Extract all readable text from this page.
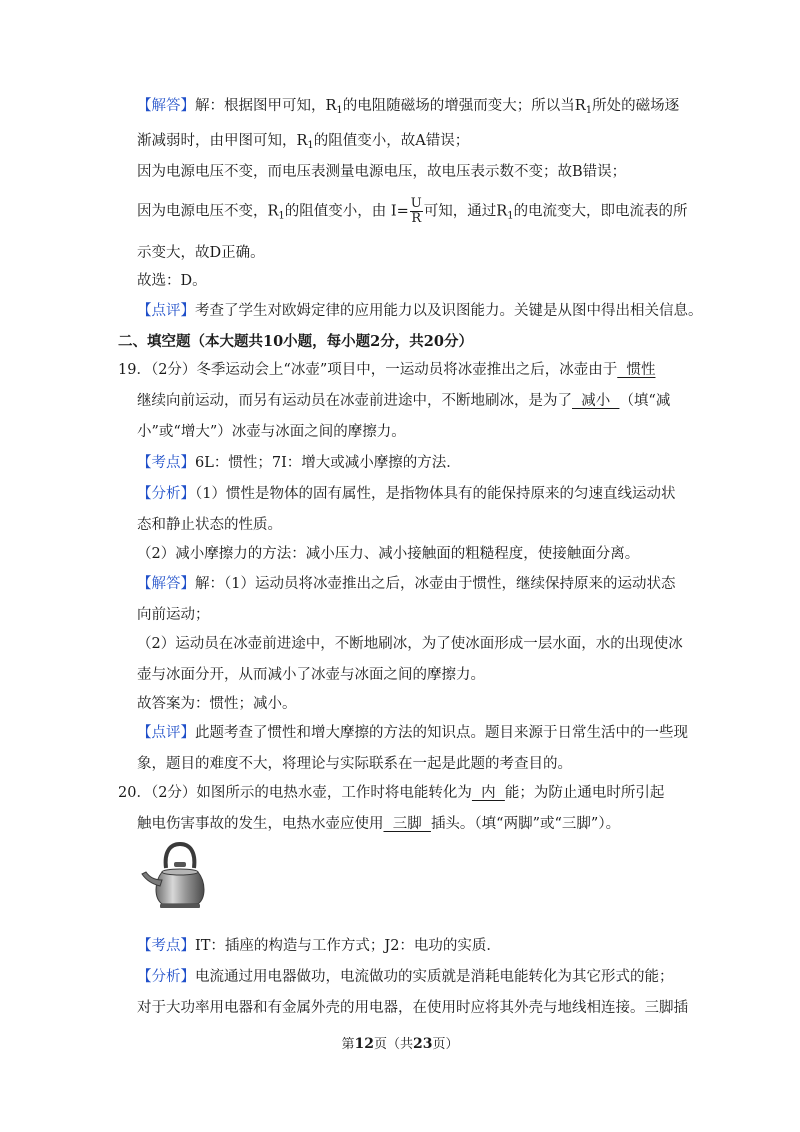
【解答】解：根据图甲可知，$R_1$的电阻随磁场的增强而变大；所以当$R_1$所处的磁场逐
渐减弱时，由甲图可知，$R_1$的阻值变小，故A错误；
因为电源电压不变，而电压表测量电源电压，故电压表示数不变；故B错误；
因为电源电压不变，$R_1$的阻值变小，由 $I= \frac{U}{R}$ 可知，通过$R_1$的电流变大，即电流表的所
示变大，故D正确。
故选：D。
【点评】考查了学生对欧姆定律的应用能力以及识图能力。关键是从图中得出相关信息。
二、填空题（本大题共10小题，每小题2分，共20分）
19．（2分）冬季运动会上“冰壶”项目中，一运动员将冰壶推出之后，冰壶由于  惯性
继续向前运动，而另有运动员在冰壶前进途中，不断地刷冰，是为了  减小  （填“减
小”或“增大”）冰壶与冰面之间的摩擦力。
【考点】6L：惯性；7I：增大或减小摩擦的方法．
【分析】（1）惯性是物体的固有属性，是指物体具有的能保持原来的匀速直线运动状
态和静止状态的性质。
（2）减小摩擦力的方法：减小压力、减小接触面的粗糙程度，使接触面分离。
【解答】解：（1）运动员将冰壶推出之后，冰壶由于惯性，继续保持原来的运动状态
向前运动；
（2）运动员在冰壶前进途中，不断地刷冰，为了使冰面形成一层水面，水的出现使冰
壶与冰面分开，从而减小了冰壶与冰面之间的摩擦力。
故答案为：惯性；减小。
【点评】此题考查了惯性和增大摩擦的方法的知识点。题目来源于日常生活中的一些现
象，题目的难度不大，将理论与实际联系在一起是此题的考查目的。
20．（2分）如图所示的电热水壶，工作时将电能转化为  内  能；为防止通电时所引起
触电伤害事故的发生，电热水壶应使用  三脚  插头。（填“两脚”或“三脚”）。
【考点】IT：插座的构造与工作方式；J2：电功的实质．
【分析】电流通过用电器做功，电流做功的实质就是消耗电能转化为其它形式的能；
对于大功率用电器和有金属外壳的用电器，在使用时应将其外壳与地线相连接。三脚插
第12页（共23页）
